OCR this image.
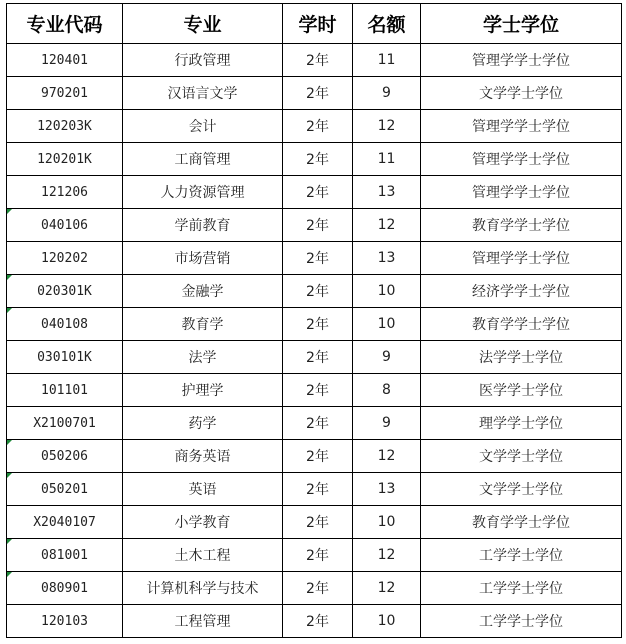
专业代码	专业	学时	名额	学士学位
120401	行政管理	2年	11	管理学学士学位
970201	汉语言文学	2年	9	文学学士学位
120203K	会计	2年	12	管理学学士学位
120201K	工商管理	2年	11	管理学学士学位
121206	人力资源管理	2年	13	管理学学士学位

040106	学前教育	2年	12	教育学学士学位
120202	市场营销	2年	13	管理学学士学位

020301K	金融学	2年	10	经济学学士学位

040108	教育学	2年	10	教育学学士学位
030101K	法学	2年	9	法学学士学位
101101	护理学	2年	8	医学学士学位
X2100701	药学	2年	9	理学学士学位

050206	商务英语	2年	12	文学学士学位

050201	英语	2年	13	文学学士学位
X2040107	小学教育	2年	10	教育学学士学位

081001	土木工程	2年	12	工学学士学位

080901	计算机科学与技术	2年	12	工学学士学位
120103	工程管理	2年	10	工学学士学位
